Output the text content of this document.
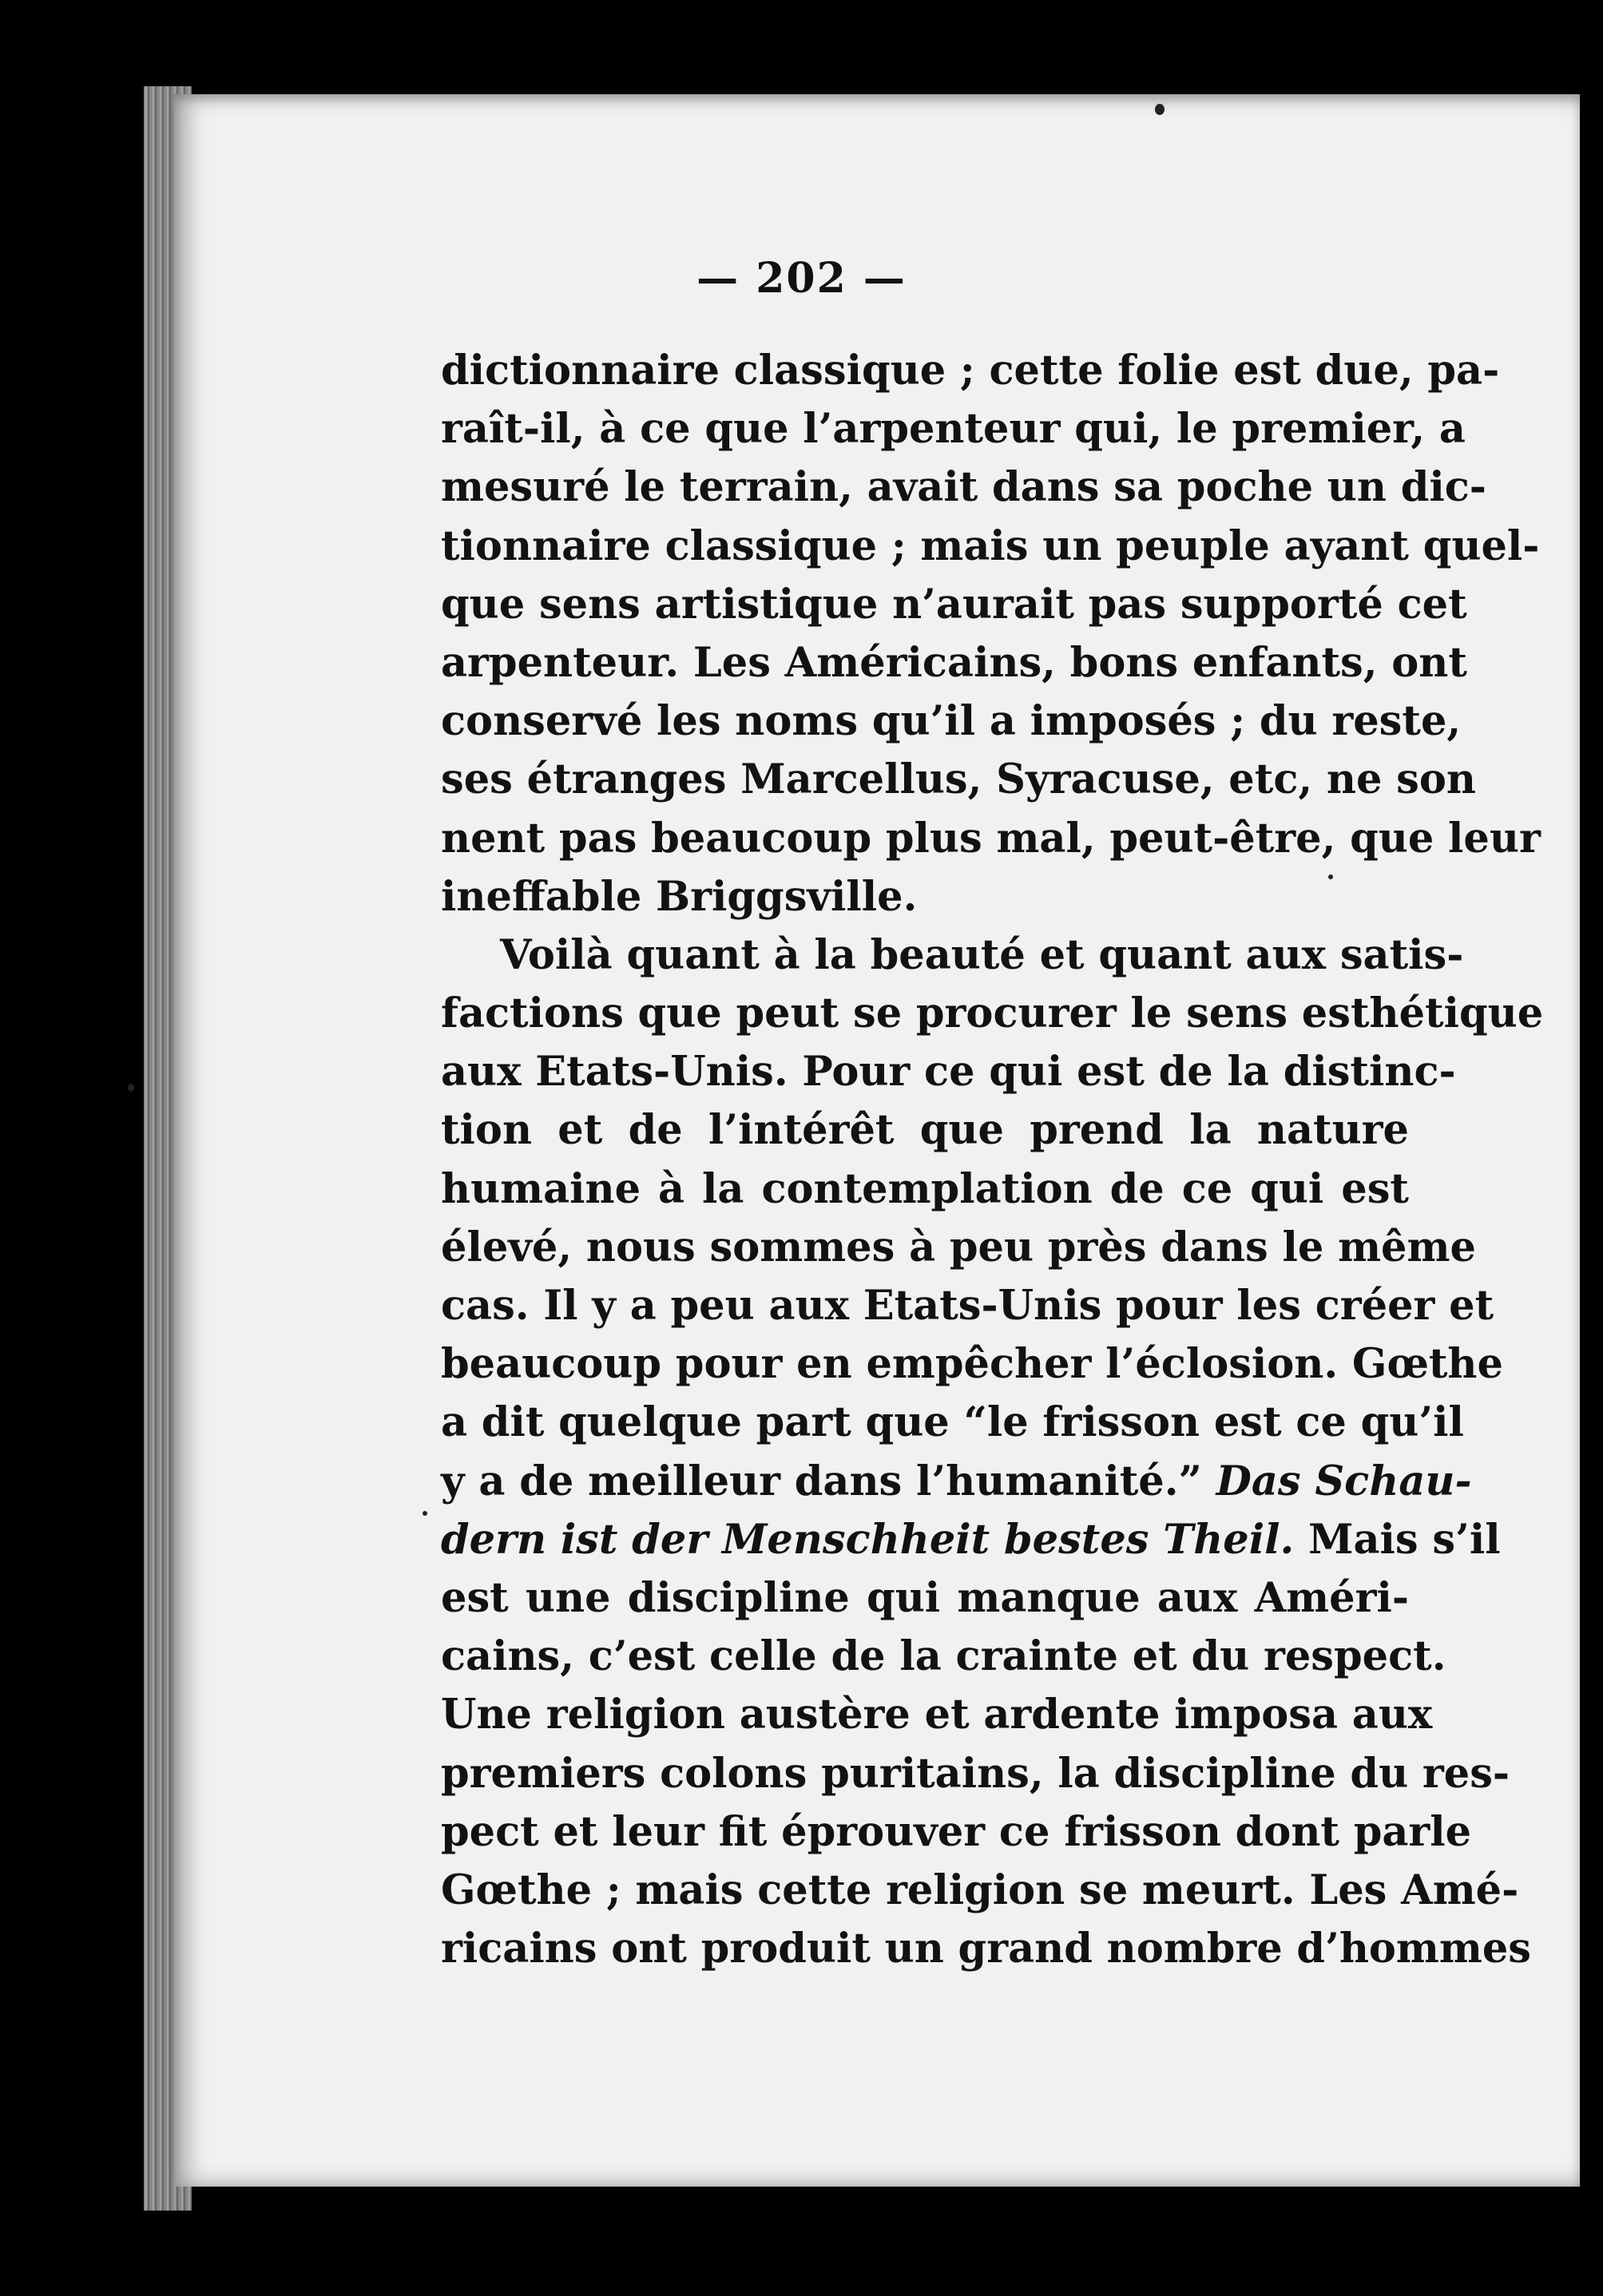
— 202 —
dictionnaire classique ; cette folie est due, pa-
raît-il, à ce que l’arpenteur qui, le premier, a
mesuré le terrain, avait dans sa poche un dic-
tionnaire classique ; mais un peuple ayant quel-
que sens artistique n’aurait pas supporté cet
arpenteur. Les Américains, bons enfants, ont
conservé les noms qu’il a imposés ; du reste,
ses étranges Marcellus, Syracuse, etc, ne son
nent pas beaucoup plus mal, peut-être, que leur
ineffable Briggsville.
Voilà quant à la beauté et quant aux satis-
factions que peut se procurer le sens esthétique
aux Etats-Unis. Pour ce qui est de la distinc-
tion et de l’intérêt que prend la nature
humaine à la contemplation de ce qui est
élevé, nous sommes à peu près dans le même
cas. Il y a peu aux Etats-Unis pour les créer et
beaucoup pour en empêcher l’éclosion. Gœthe
a dit quelque part que “le frisson est ce qu’il
y a de meilleur dans l’humanité.” Das Schau-
dern ist der Menschheit bestes Theil. Mais s’il
est une discipline qui manque aux Améri-
cains, c’est celle de la crainte et du respect.
Une religion austère et ardente imposa aux
premiers colons puritains, la discipline du res-
pect et leur fit éprouver ce frisson dont parle
Gœthe ; mais cette religion se meurt. Les Amé-
ricains ont produit un grand nombre d’hommes
